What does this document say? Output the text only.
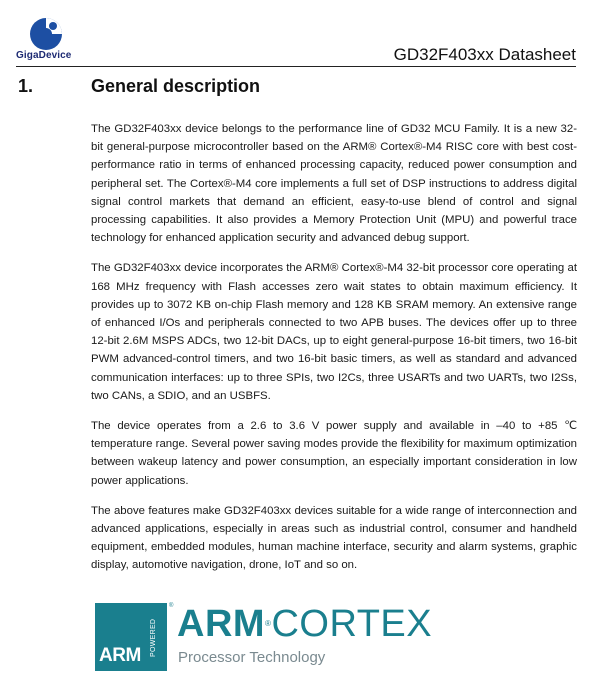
GigaDevice	GD32F403xx Datasheet
1.	General description

The GD32F403xx device belongs to the performance line of GD32 MCU Family. It is a new 32-bit general-purpose microcontroller based on the ARM® Cortex®-M4 RISC core with best cost-performance ratio in terms of enhanced processing capacity, reduced power consumption and peripheral set. The Cortex®-M4 core implements a full set of DSP instructions to address digital signal control markets that demand an efficient, easy-to-use blend of control and signal processing capabilities. It also provides a Memory Protection Unit (MPU) and powerful trace technology for enhanced application security and advanced debug support.

The GD32F403xx device incorporates the ARM® Cortex®-M4 32-bit processor core operating at 168 MHz frequency with Flash accesses zero wait states to obtain maximum efficiency. It provides up to 3072 KB on-chip Flash memory and 128 KB SRAM memory. An extensive range of enhanced I/Os and peripherals connected to two APB buses. The devices offer up to three 12-bit 2.6M MSPS ADCs, two 12-bit DACs, up to eight general-purpose 16-bit timers, two 16-bit PWM advanced-control timers, and two 16-bit basic timers, as well as standard and advanced communication interfaces: up to three SPIs, two I2Cs, three USARTs and two UARTs, two I2Ss, two CANs, a SDIO, and an USBFS.

The device operates from a 2.6 to 3.6 V power supply and available in –40 to +85 ℃ temperature range. Several power saving modes provide the flexibility for maximum optimization between wakeup latency and power consumption, an especially important consideration in low power applications.

The above features make GD32F403xx devices suitable for a wide range of interconnection and advanced applications, especially in areas such as industrial control, consumer and handheld equipment, embedded modules, human machine interface, security and alarm systems, graphic display, automotive navigation, drone, IoT and so on.

ARM POWERED
® ARM®CORTEX
Processor Technology
